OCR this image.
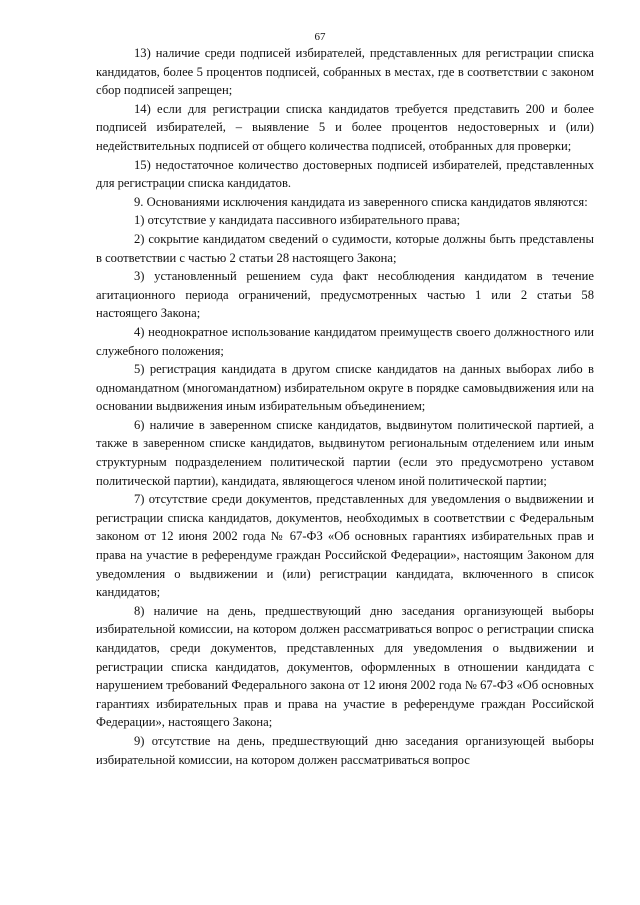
67

13) наличие среди подписей избирателей, представленных для регистрации списка кандидатов, более 5 процентов подписей, собранных в местах, где в соответствии с законом сбор подписей запрещен;

14) если для регистрации списка кандидатов требуется представить 200 и более подписей избирателей, – выявление 5 и более процентов недостоверных и (или) недействительных подписей от общего количества подписей, отобранных для проверки;

15) недостаточное количество достоверных подписей избирателей, представленных для регистрации списка кандидатов.

9. Основаниями исключения кандидата из заверенного списка кандидатов являются:

1) отсутствие у кандидата пассивного избирательного права;

2) сокрытие кандидатом сведений о судимости, которые должны быть представлены в соответствии с частью 2 статьи 28 настоящего Закона;

3) установленный решением суда факт несоблюдения кандидатом в течение агитационного периода ограничений, предусмотренных частью 1 или 2 статьи 58 настоящего Закона;

4) неоднократное использование кандидатом преимуществ своего должностного или служебного положения;

5) регистрация кандидата в другом списке кандидатов на данных выборах либо в одномандатном (многомандатном) избирательном округе в порядке самовыдвижения или на основании выдвижения иным избирательным объединением;

6) наличие в заверенном списке кандидатов, выдвинутом политической партией, а также в заверенном списке кандидатов, выдвинутом региональным отделением или иным структурным подразделением политической партии (если это предусмотрено уставом политической партии), кандидата, являющегося членом иной политической партии;

7) отсутствие среди документов, представленных для уведомления о выдвижении и регистрации списка кандидатов, документов, необходимых в соответствии с Федеральным законом от 12 июня 2002 года № 67-ФЗ «Об основных гарантиях избирательных прав и права на участие в референдуме граждан Российской Федерации», настоящим Законом для уведомления о выдвижении и (или) регистрации кандидата, включенного в список кандидатов;

8) наличие на день, предшествующий дню заседания организующей выборы избирательной комиссии, на котором должен рассматриваться вопрос о регистрации списка кандидатов, среди документов, представленных для уведомления о выдвижении и регистрации списка кандидатов, документов, оформленных в отношении кандидата с нарушением требований Федерального закона от 12 июня 2002 года № 67-ФЗ «Об основных гарантиях избирательных прав и права на участие в референдуме граждан Российской Федерации», настоящего Закона;

9) отсутствие на день, предшествующий дню заседания организующей выборы избирательной комиссии, на котором должен рассматриваться вопрос
